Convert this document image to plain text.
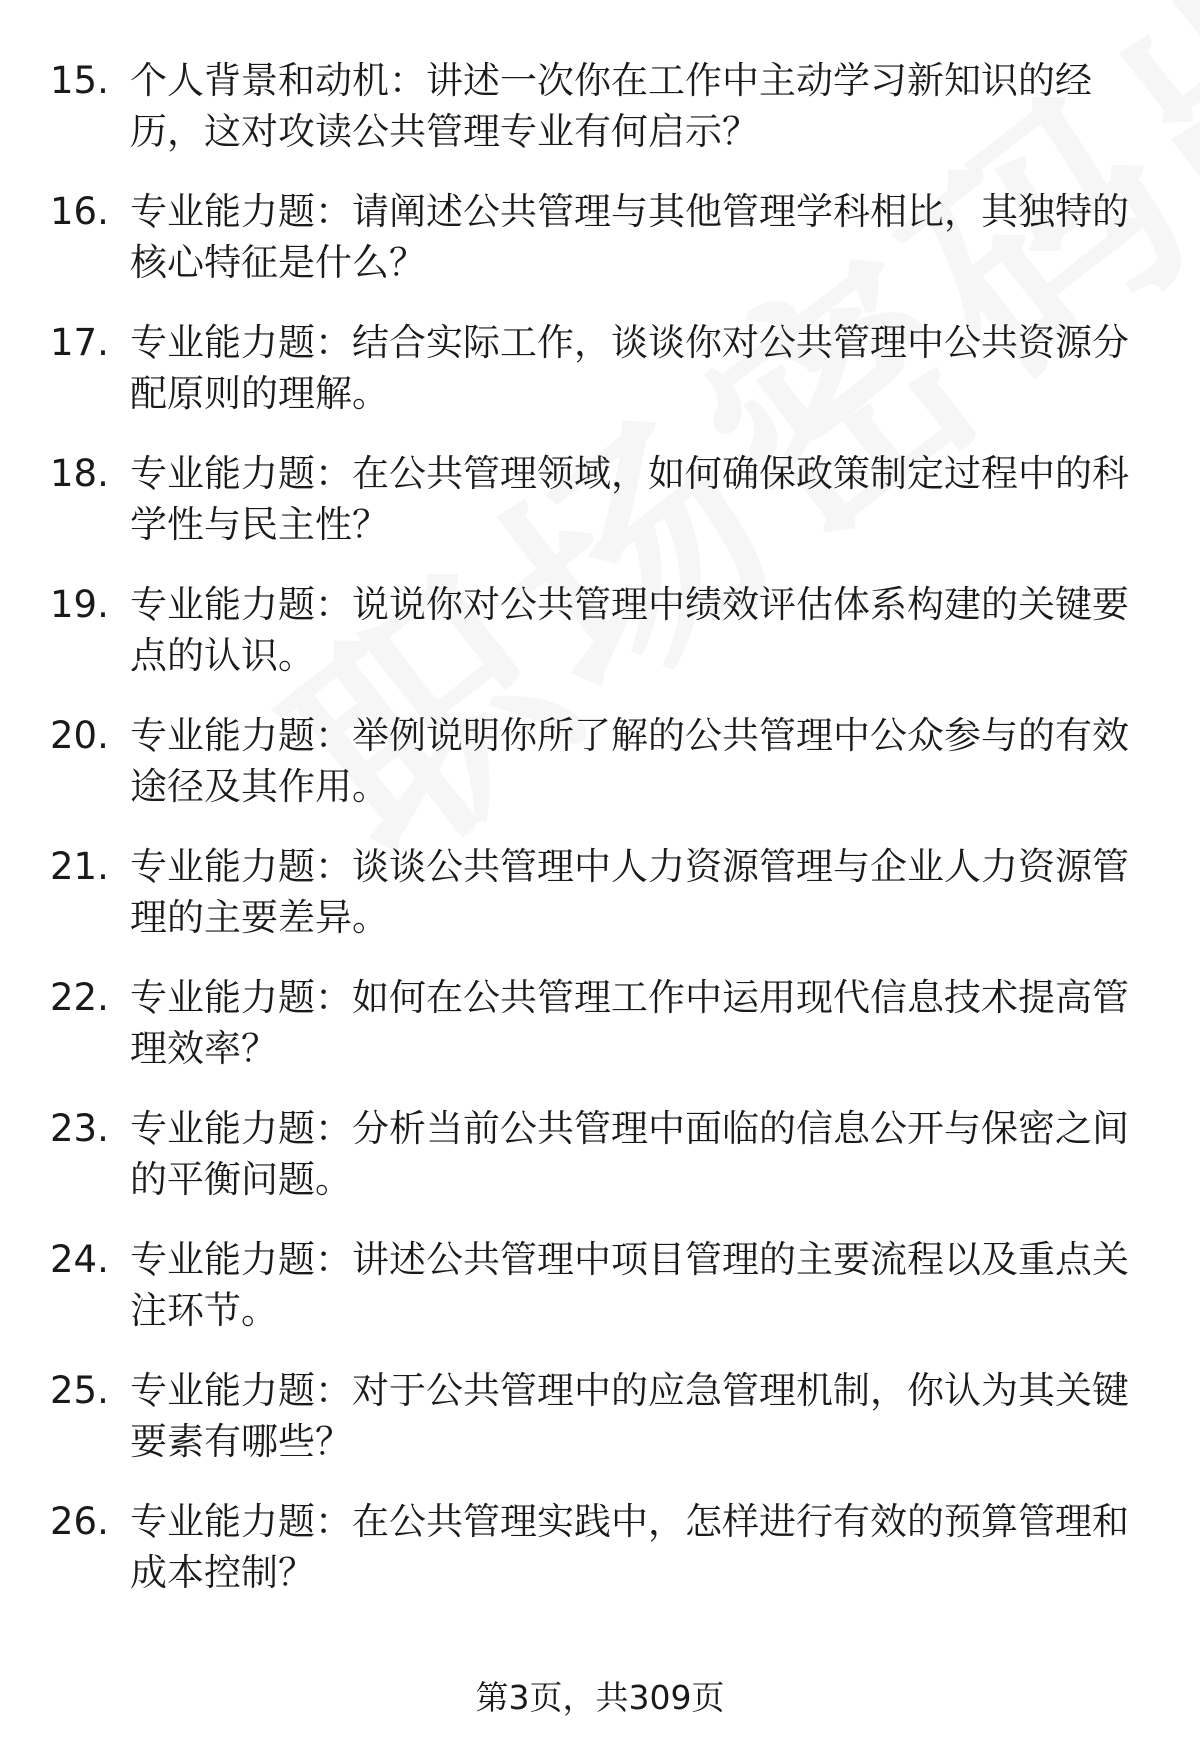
15. 个人背景和动机：讲述一次你在工作中主动学习新知识的经历，这对攻读公共管理专业有何启示？
16. 专业能力题：请阐述公共管理与其他管理学科相比，其独特的核心特征是什么？
17. 专业能力题：结合实际工作，谈谈你对公共管理中公共资源分配原则的理解。
18. 专业能力题：在公共管理领域，如何确保政策制定过程中的科学性与民主性？
19. 专业能力题：说说你对公共管理中绩效评估体系构建的关键要点的认识。
20. 专业能力题：举例说明你所了解的公共管理中公众参与的有效途径及其作用。
21. 专业能力题：谈谈公共管理中人力资源管理与企业人力资源管理的主要差异。
22. 专业能力题：如何在公共管理工作中运用现代信息技术提高管理效率？
23. 专业能力题：分析当前公共管理中面临的信息公开与保密之间的平衡问题。
24. 专业能力题：讲述公共管理中项目管理的主要流程以及重点关注环节。
25. 专业能力题：对于公共管理中的应急管理机制，你认为其关键要素有哪些？
26. 专业能力题：在公共管理实践中，怎样进行有效的预算管理和成本控制？
第3页，共309页
